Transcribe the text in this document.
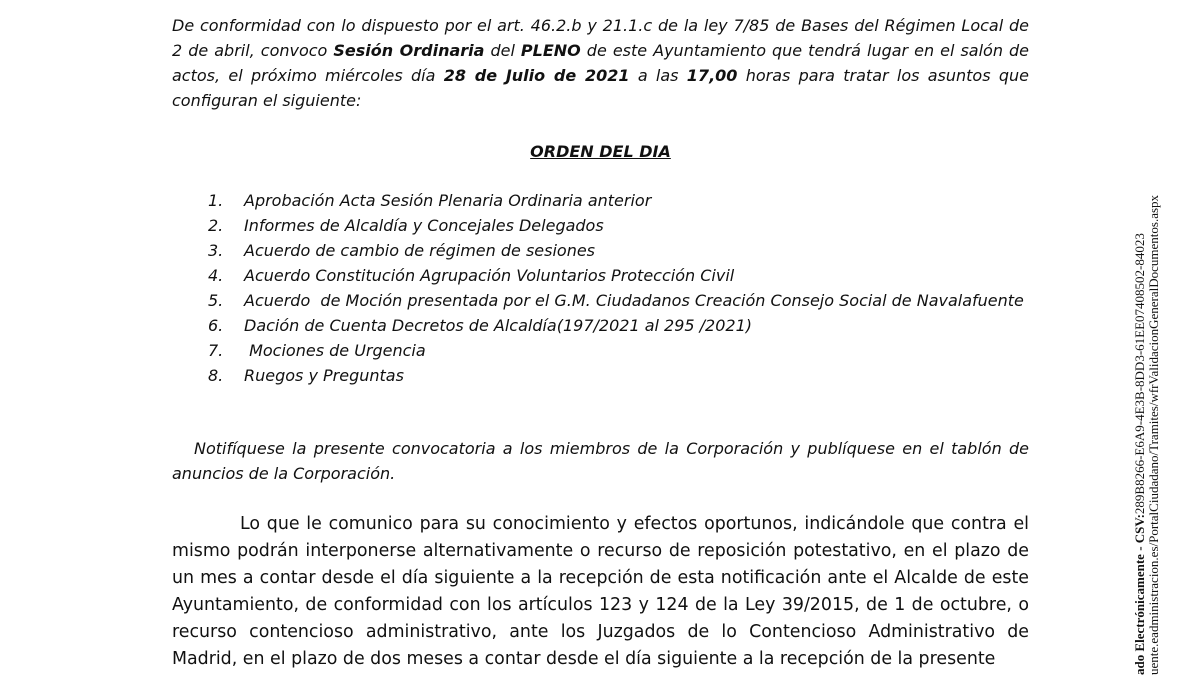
De conformidad con lo dispuesto por el art. 46.2.b y 21.1.c de la ley 7/85 de Bases del Régimen Local de 2 de abril, convoco Sesión Ordinaria del PLENO de este Ayuntamiento que tendrá lugar en el salón de actos, el próximo miércoles día 28 de Julio de 2021 a las 17,00 horas para tratar los asuntos que configuran el siguiente:

ORDEN DEL DIA

1.	Aprobación Acta Sesión Plenaria Ordinaria anterior
2.	Informes de Alcaldía y Concejales Delegados
3.	Acuerdo de cambio de régimen de sesiones
4.	Acuerdo Constitución Agrupación Voluntarios Protección Civil
5.	Acuerdo  de Moción presentada por el G.M. Ciudadanos Creación Consejo Social de Navalafuente
6.	Dación de Cuenta Decretos de Alcaldía(197/2021 al 295 /2021)
7.	Mociones de Urgencia
8.	Ruegos y Preguntas

Notifíquese la presente convocatoria a los miembros de la Corporación y publíquese en el tablón de anuncios de la Corporación.

Lo que le comunico para su conocimiento y efectos oportunos, indicándole que contra el mismo podrán interponerse alternativamente o recurso de reposición potestativo, en el plazo de un mes a contar desde el día siguiente a la recepción de esta notificación ante el Alcalde de este Ayuntamiento, de conformidad con los artículos 123 y 124 de la Ley 39/2015, de 1 de octubre, o recurso contencioso administrativo, ante los Juzgados de lo Contencioso Administrativo de Madrid, en el plazo de dos meses a contar desde el día siguiente a la recepción de la presente	ado Electrónicamente - CSV:289B8266-E6A9-4E3B-8DD3-61EE07408502-84023 uente.eadministracion.es/PortalCiudadano/Tramites/wfrValidacionGeneralDocumentos.aspx
